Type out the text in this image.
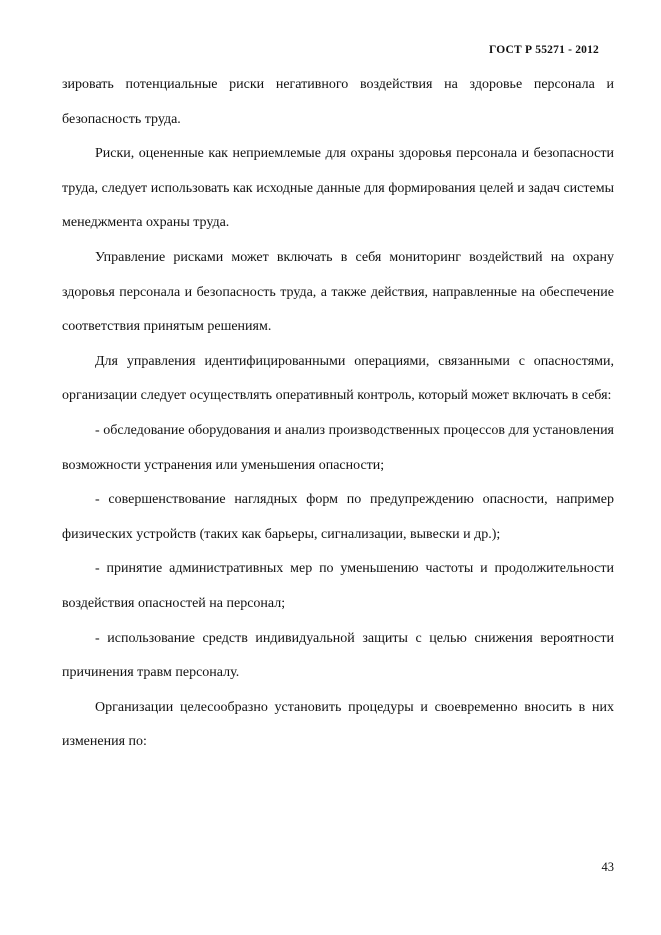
ГОСТ Р 55271 - 2012

зировать потенциальные риски негативного воздействия на здоровье персонала и безопасность труда.

Риски, оцененные как неприемлемые для охраны здоровья персонала и безопасности труда, следует использовать как исходные данные для формирования целей и задач системы менеджмента охраны труда.

Управление рисками может включать в себя мониторинг воздействий на охрану здоровья персонала и безопасность труда, а также действия, направленные на обеспечение соответствия принятым решениям.

Для управления идентифицированными операциями, связанными с опасностями, организации следует осуществлять оперативный контроль, который может включать в себя:

- обследование оборудования и анализ производственных процессов для установления возможности устранения или уменьшения опасности;

- совершенствование наглядных форм по предупреждению опасности, например физических устройств (таких как барьеры, сигнализации, вывески и др.);

- принятие административных мер по уменьшению частоты и продолжительности воздействия опасностей на персонал;

- использование средств индивидуальной защиты с целью снижения вероятности причинения травм персоналу.

Организации целесообразно установить процедуры и своевременно вносить в них изменения по:

43
